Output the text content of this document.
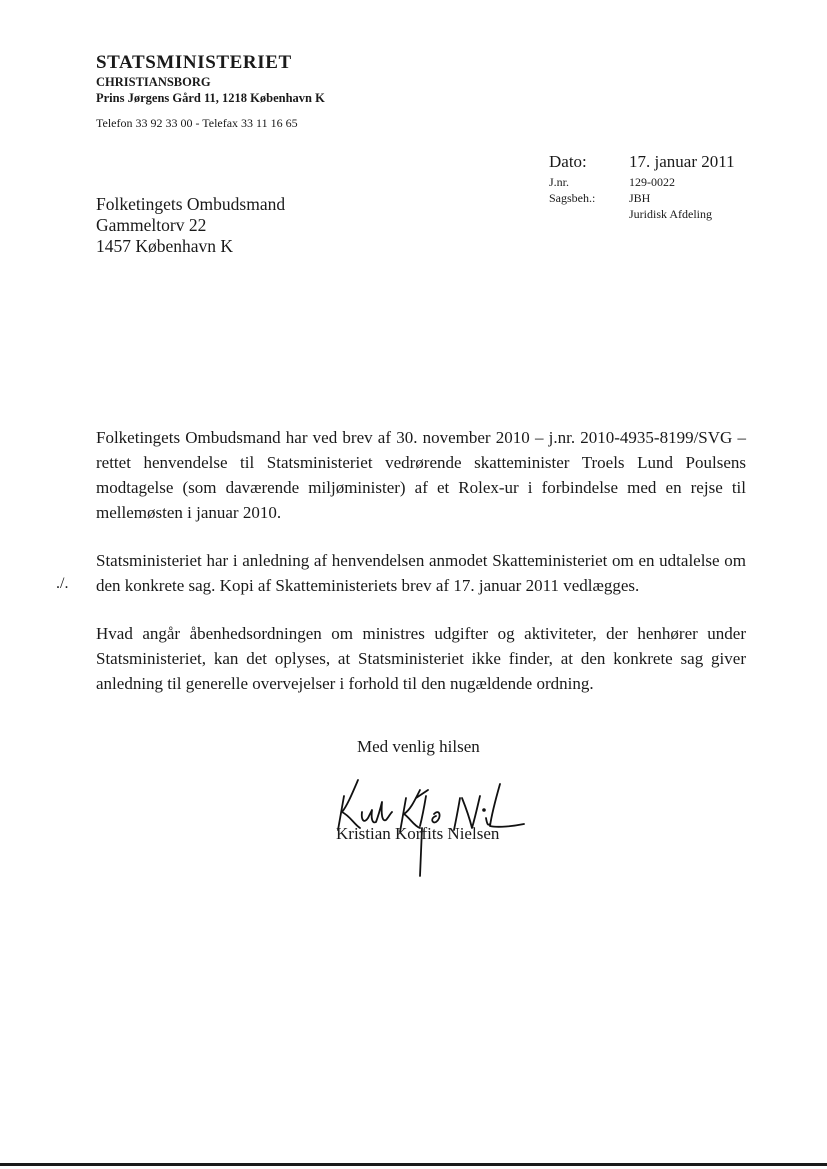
STATSMINISTERIET
CHRISTIANSBORG
Prins Jørgens Gård 11, 1218 København K
Telefon 33 92 33 00 - Telefax 33 11 16 65
Dato: 17. januar 2011
J.nr.	129-0022
Sagsbeh.:	JBH
Juridisk Afdeling
Folketingets Ombudsmand
Gammeltorv 22
1457 København K

Folketingets Ombudsmand har ved brev af 30. november 2010 – j.nr. 2010-4935-8199/SVG – rettet henvendelse til Statsministeriet vedrørende skatteminister Troels Lund Poulsens modtagelse (som daværende miljøminister) af et Rolex-ur i forbindelse med en rejse til mellemøsten i januar 2010.

Statsministeriet har i anledning af henvendelsen anmodet Skatteministeriet om en udtalelse om den konkrete sag. Kopi af Skatteministeriets brev af 17. januar 2011 vedlægges.

Hvad angår åbenhedsordningen om ministres udgifter og aktiviteter, der henhører under Statsministeriet, kan det oplyses, at Statsministeriet ikke finder, at den konkrete sag giver anledning til generelle overvejelser i forhold til den nugældende ordning.

./.
Med venlig hilsen
Kristian Korfits Nielsen
